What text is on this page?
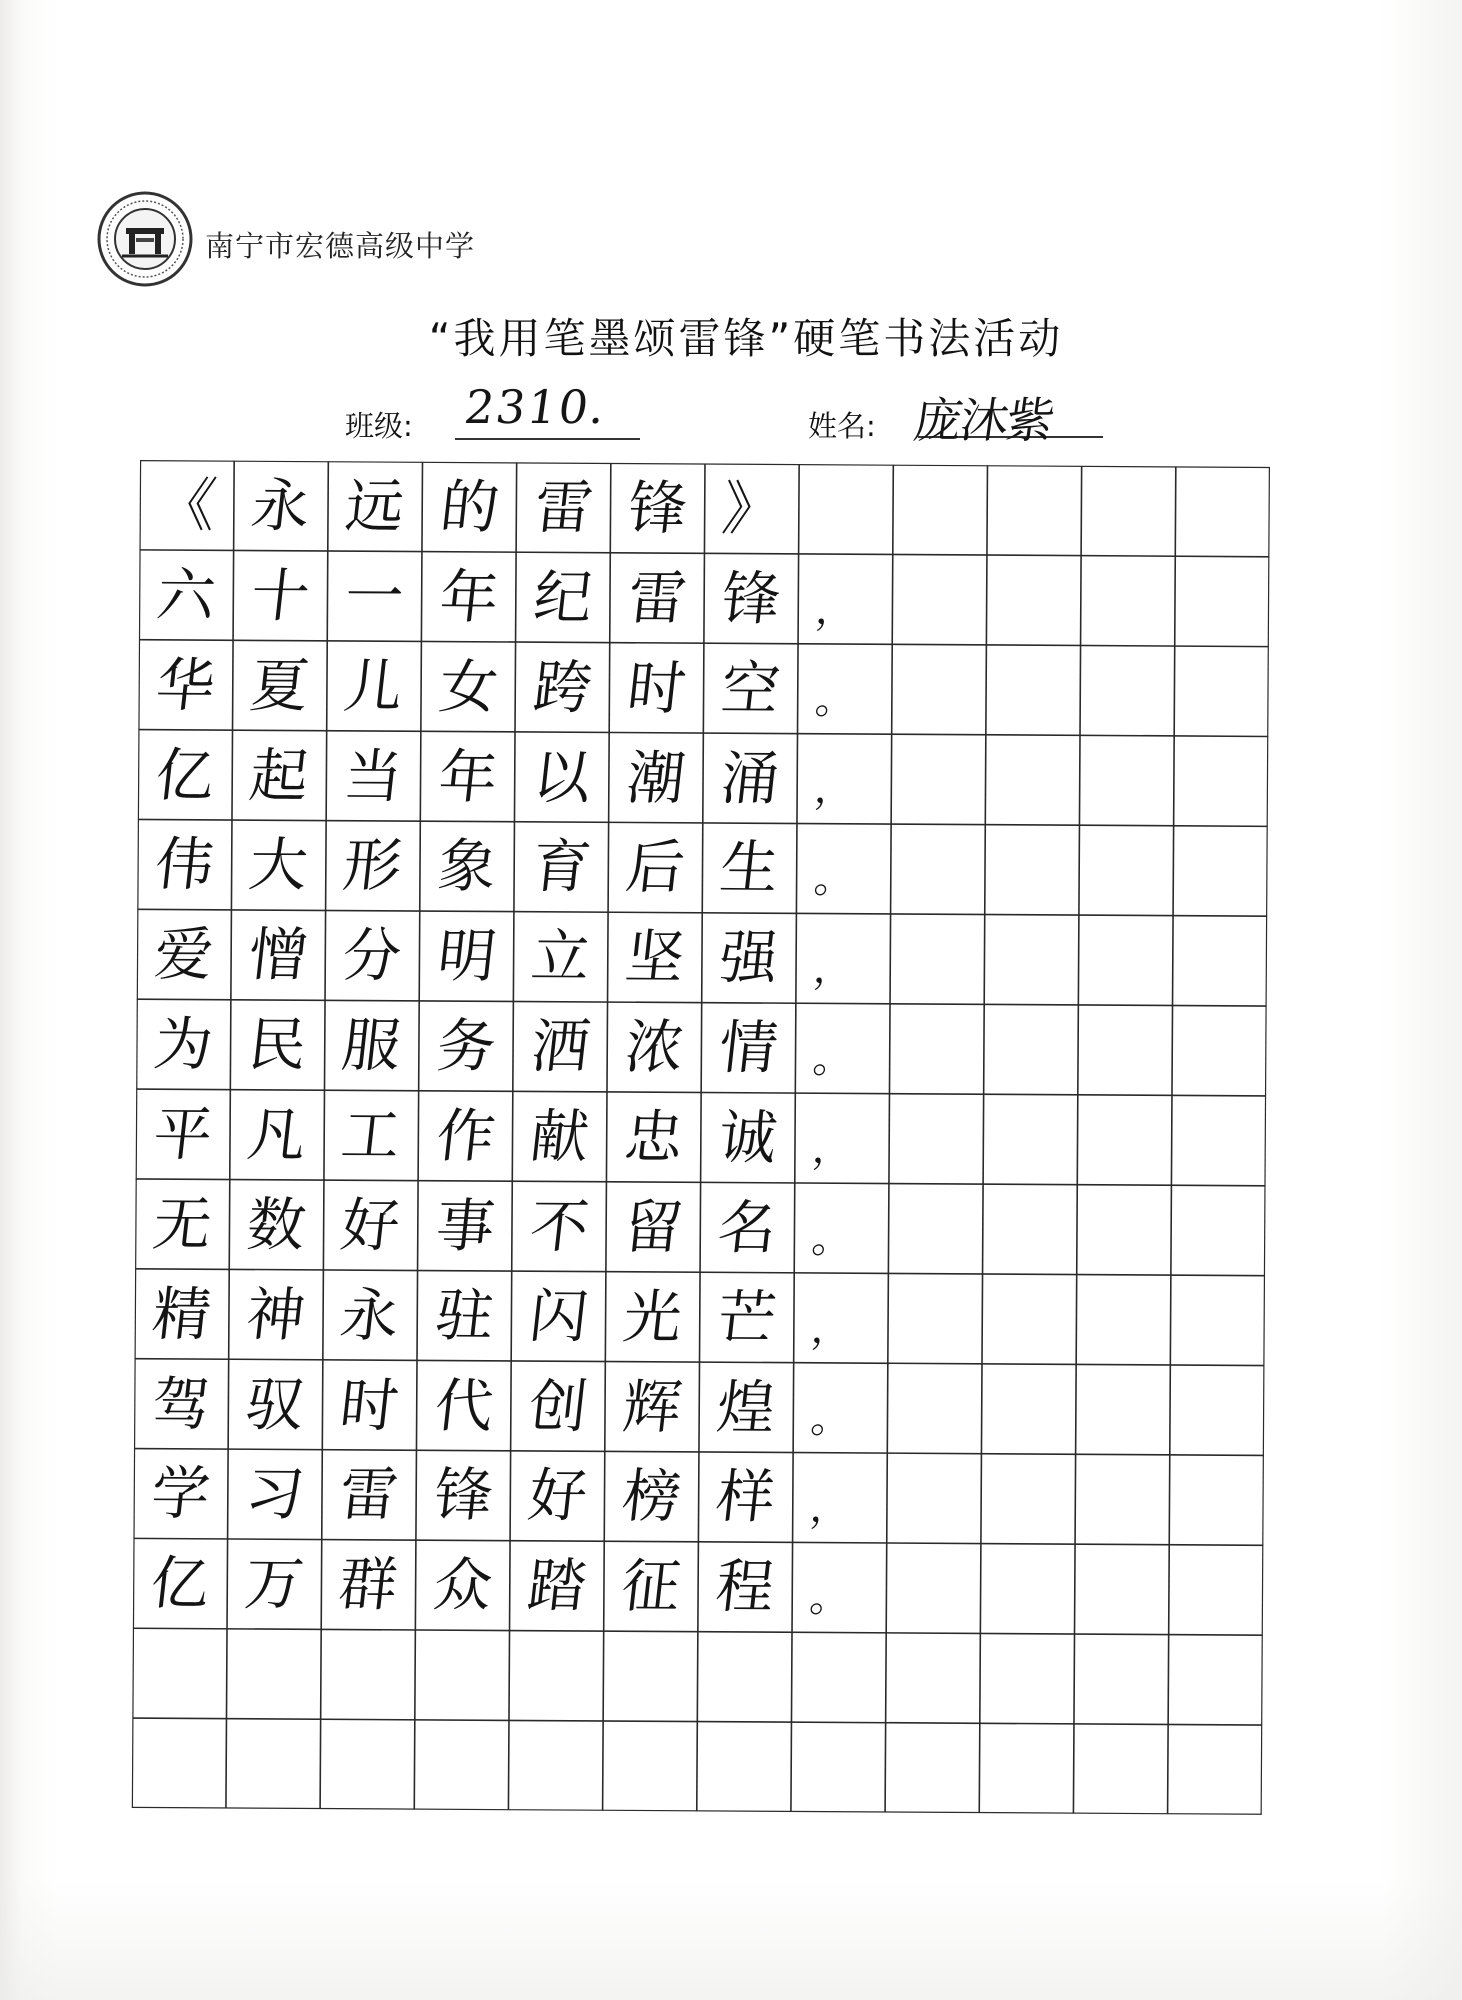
南宁市宏德高级中学
“我用笔墨颂雷锋”硬笔书法活动
班级: 2310.	姓名: 庞沐紫
《 永 远 的 雷 锋 》
六 十 一 年 纪 雷 锋 ，
华 夏 儿 女 跨 时 空 。
亿 起 当 年 以 潮 涌 ，
伟 大 形 象 育 后 生 。
爱 憎 分 明 立 坚 强 ，
为 民 服 务 洒 浓 情 。
平 凡 工 作 献 忠 诚 ，
无 数 好 事 不 留 名 。
精 神 永 驻 闪 光 芒 ，
驾 驭 时 代 创 辉 煌 。
学 习 雷 锋 好 榜 样 ，
亿 万 群 众 踏 征 程 。
